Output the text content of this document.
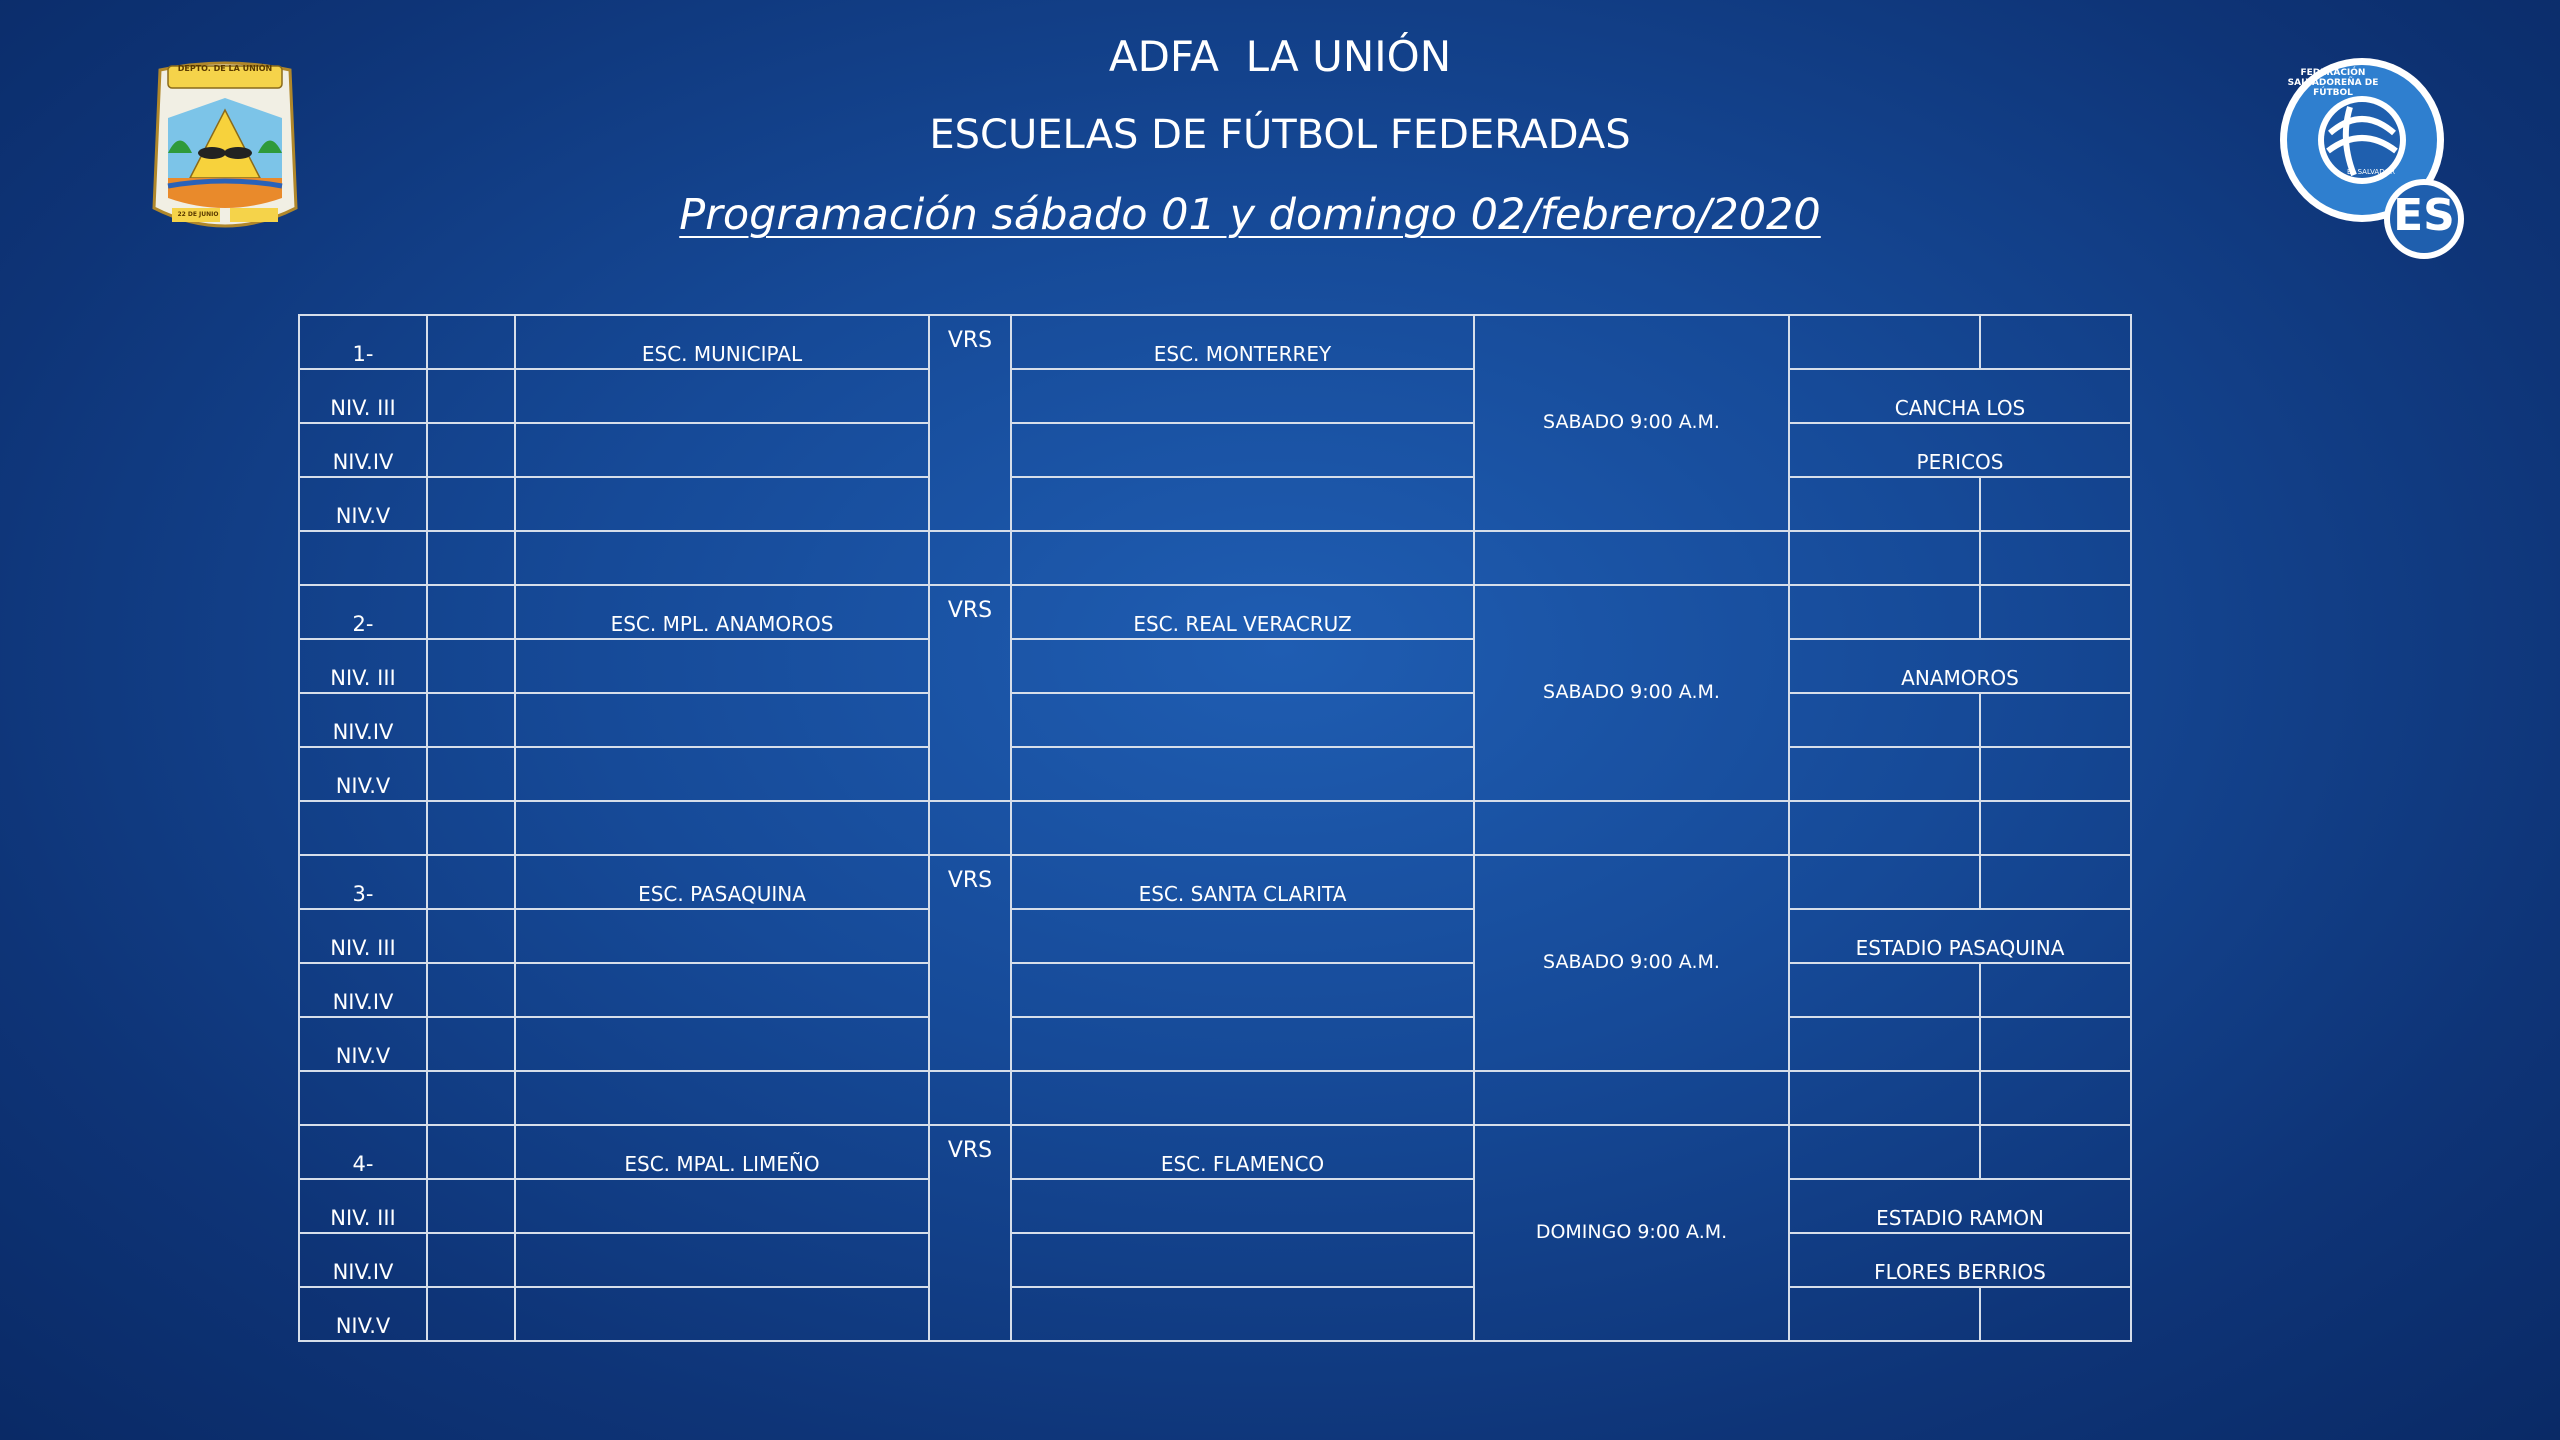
ADFA  LA UNIÓN
ESCUELAS DE FÚTBOL FEDERADAS
Programación sábado 01 y domingo 02/febrero/2020
DEPTO. DE LA UNIÓN
22 DE JUNIO	ES
FEDERACIÓN SALVADOREÑA DE FÚTBOL
EL SALVADOR
1-		ESC. MUNICIPAL	VRS	ESC. MONTERREY	SABADO 9:00 A.M.		
NIV. III						CANCHA LOS	
NIV.IV						PERICOS	
NIV.V							

2-		ESC. MPL. ANAMOROS	VRS	ESC. REAL VERACRUZ	SABADO 9:00 A.M.		
NIV. III						ANAMOROS	
NIV.IV							
NIV.V							

3-		ESC. PASAQUINA	VRS	ESC. SANTA CLARITA	SABADO 9:00 A.M.		
NIV. III						ESTADIO PASAQUINA	
NIV.IV							
NIV.V							

4-		ESC. MPAL. LIMEÑO	VRS	ESC. FLAMENCO	DOMINGO 9:00 A.M.		
NIV. III						ESTADIO RAMON	
NIV.IV						FLORES BERRIOS	
NIV.V							
